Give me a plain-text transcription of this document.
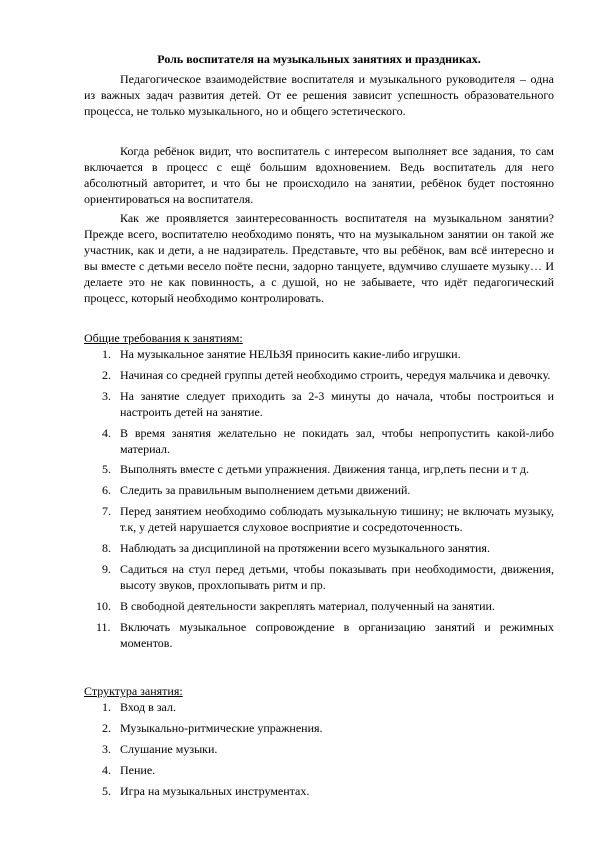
Роль воспитателя на музыкальных занятиях и праздниках.

Педагогическое взаимодействие воспитателя и музыкального руководителя – одна из важных задач развития детей. От ее решения зависит успешность образовательного процесса, не только музыкального, но и общего эстетического.

Когда ребёнок видит, что воспитатель с интересом выполняет все задания, то сам включается в процесс с ещё большим вдохновением. Ведь воспитатель для него абсолютный авторитет, и что бы не происходило на занятии, ребёнок будет постоянно ориентироваться на воспитателя.

Как же проявляется заинтересованность воспитателя на музыкальном занятии? Прежде всего, воспитателю необходимо понять, что на музыкальном занятии он такой же участник, как и дети, а не надзиратель. Представьте, что вы ребёнок, вам всё интересно и вы вместе с детьми весело поёте песни, задорно танцуете, вдумчиво слушаете музыку… И делаете это не как повинность, а с душой, но не забываете, что идёт педагогический процесс, который необходимо контролировать.

Общие требования к занятиям:
1. На музыкальное занятие НЕЛЬЗЯ приносить какие-либо игрушки.
2. Начиная со средней группы детей необходимо строить, чередуя мальчика и девочку.
3. На занятие следует приходить за 2-3 минуты до начала, чтобы построиться и настроить детей на занятие.
4. В время занятия желательно не покидать зал, чтобы непропустить какой-либо материал.
5. Выполнять вместе с детьми упражнения. Движения танца, игр,петь песни и т д.
6. Следить за правильным выполнением детьми движений.
7. Перед занятием необходимо соблюдать музыкальную тишину; не включать музыку, т.к, у детей нарушается слуховое восприятие и сосредоточенность.
8. Наблюдать за дисциплиной на протяжении всего музыкального занятия.
9. Садиться на стул перед детьми, чтобы показывать при необходимости, движения, высоту звуков, прохлопывать ритм и пр.
10. В свободной деятельности закреплять материал, полученный на занятии.
11. Включать музыкальное сопровождение в организацию занятий и режимных моментов.
Структура занятия:
1. Вход в зал.
2. Музыкально-ритмические упражнения.
3. Слушание музыки.
4. Пение.
5. Игра на музыкальных инструментах.
